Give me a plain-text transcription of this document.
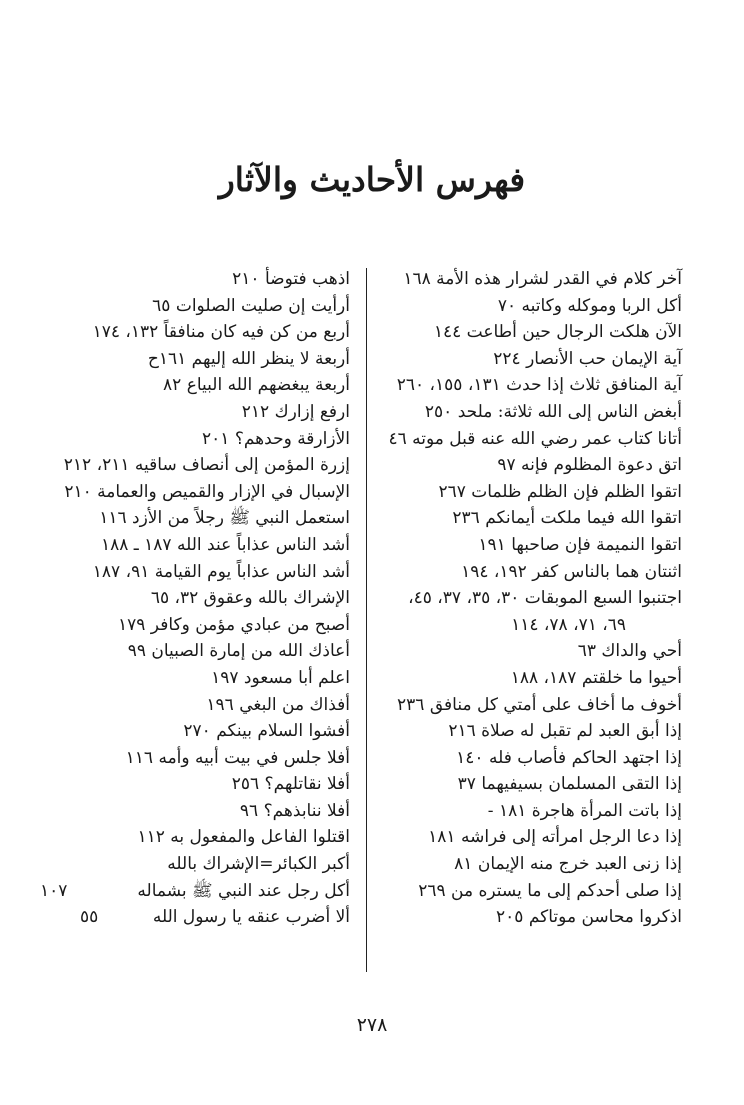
فهرس الأحاديث والآثار
آخر كلام في القدر لشرار هذه الأمة ١٦٨
أكل الربا وموكله وكاتبه ٧٠
الآن هلكت الرجال حين أطاعت ١٤٤
آية الإيمان حب الأنصار ٢٢٤
آية المنافق ثلاث إذا حدث ١٣١، ١٥٥، ٢٦٠
أبغض الناس إلى الله ثلاثة: ملحد ٢٥٠
أتانا كتاب عمر رضي الله عنه قبل موته ٤٦
اتق دعوة المظلوم فإنه ٩٧
اتقوا الظلم فإن الظلم ظلمات ٢٦٧
اتقوا الله فيما ملكت أيمانكم ٢٣٦
اتقوا النميمة فإن صاحبها ١٩١
اثنتان هما بالناس كفر ١٩٢، ١٩٤
اجتنبوا السبع الموبقات ٣٠، ٣٥، ٣٧، ٤٥،
٦٩، ٧١، ٧٨، ١١٤
أحي والداك ٦٣
أحيوا ما خلقتم ١٨٧، ١٨٨
أخوف ما أخاف على أمتي كل منافق ٢٣٦
إذا أبق العبد لم تقبل له صلاة ٢١٦
إذا اجتهد الحاكم فأصاب فله ١٤٠
إذا التقى المسلمان بسيفيهما ٣٧
إذا باتت المرأة هاجرة ١٨١ -
إذا دعا الرجل امرأته إلى فراشه ١٨١
إذا زنى العبد خرج منه الإيمان ٨١
إذا صلى أحدكم إلى ما يستره من ٢٦٩
اذكروا محاسن موتاكم ٢٠٥
اذهب فتوضأ ٢١٠
أرأيت إن صليت الصلوات ٦٥
أربع من كن فيه كان منافقاً ١٣٢، ١٧٤
أربعة لا ينظر الله إليهم ١٦١ح
أربعة يبغضهم الله البياع ٨٢
ارفع إزارك ٢١٢
الأزارقة وحدهم؟ ٢٠١
إزرة المؤمن إلى أنصاف ساقيه ٢١١، ٢١٢
الإسبال في الإزار والقميص والعمامة ٢١٠
استعمل النبي ﷺ رجلاً من الأزد ١١٦
أشد الناس عذاباً عند الله ١٨٧ ـ ١٨٨
أشد الناس عذاباً يوم القيامة ٩١، ١٨٧
الإشراك بالله وعقوق ٣٢، ٦٥
أصبح من عبادي مؤمن وكافر ١٧٩
أعاذك الله من إمارة الصبيان ٩٩
اعلم أبا مسعود ١٩٧
أفذاك من البغي ١٩٦
أفشوا السلام بينكم ٢٧٠
أفلا جلس في بيت أبيه وأمه ١١٦
أفلا نقاتلهم؟ ٢٥٦
أفلا ننابذهم؟ ٩٦
اقتلوا الفاعل والمفعول به ١١٢
أكبر الكبائر=الإشراك بالله
أكل رجل عند النبي ﷺ بشماله
١٠٧
ألا أضرب عنقه يا رسول الله
٥٥
٢٧٨
